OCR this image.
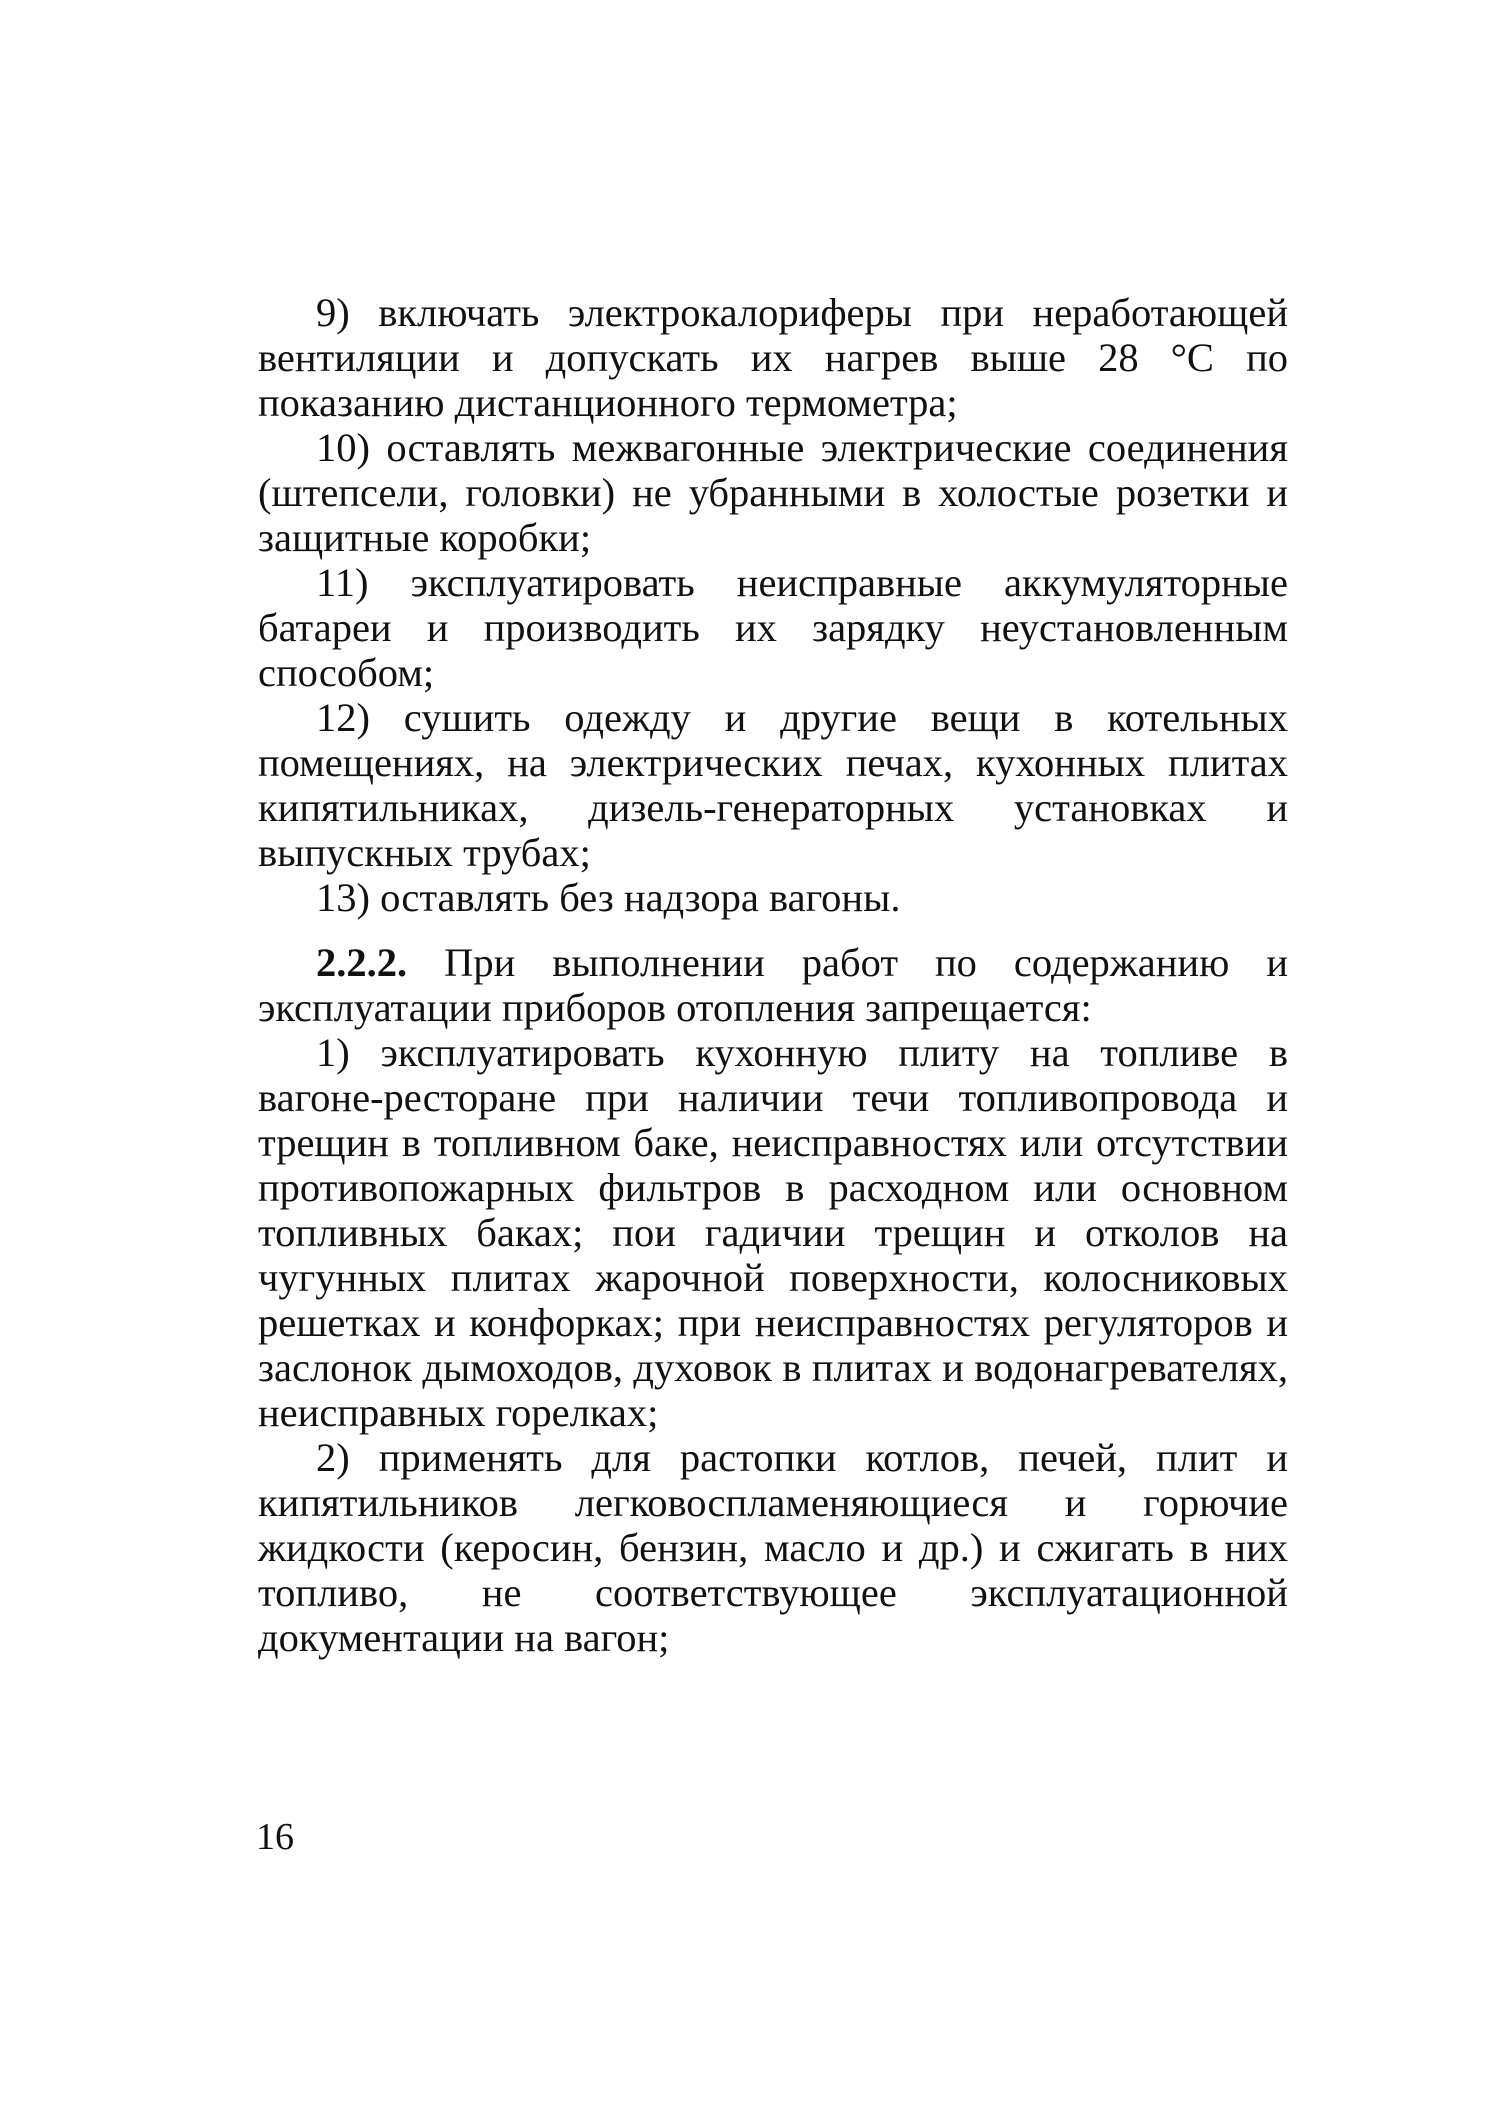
9) включать электрокалориферы при неработающей вентиляции и допускать их нагрев выше 28 °С по показанию дистанционного термометра;

10) оставлять межвагонные электрические соединения (штепсели, головки) не убранными в холостые розетки и защитные коробки;

11) эксплуатировать неисправные аккумуляторные батареи и производить их зарядку неустановленным способом;

12) сушить одежду и другие вещи в котельных помещениях, на электрических печах, кухонных плитах кипятильниках, дизель-генераторных установках и выпускных трубах;

13) оставлять без надзора вагоны.

2.2.2. При выполнении работ по содержанию и эксплуатации приборов отопления запрещается:

1) эксплуатировать кухонную плиту на топливе в вагоне-ресторане при наличии течи топливопровода и трещин в топливном баке, неисправностях или отсутствии противопожарных фильтров в расходном или основном топливных баках; пои гадичии трещин и отколов на чугунных плитах жарочной поверхности, колосниковых решетках и конфорках; при неисправностях регуляторов и заслонок дымоходов, духовок в плитах и водонагревателях, неисправных горелках;

2) применять для растопки котлов, печей, плит и кипятильников легковоспламеняющиеся и горючие жидкости (керосин, бензин, масло и др.) и сжигать в них топливо, не соответствующее эксплуатационной документации на вагон;

16
